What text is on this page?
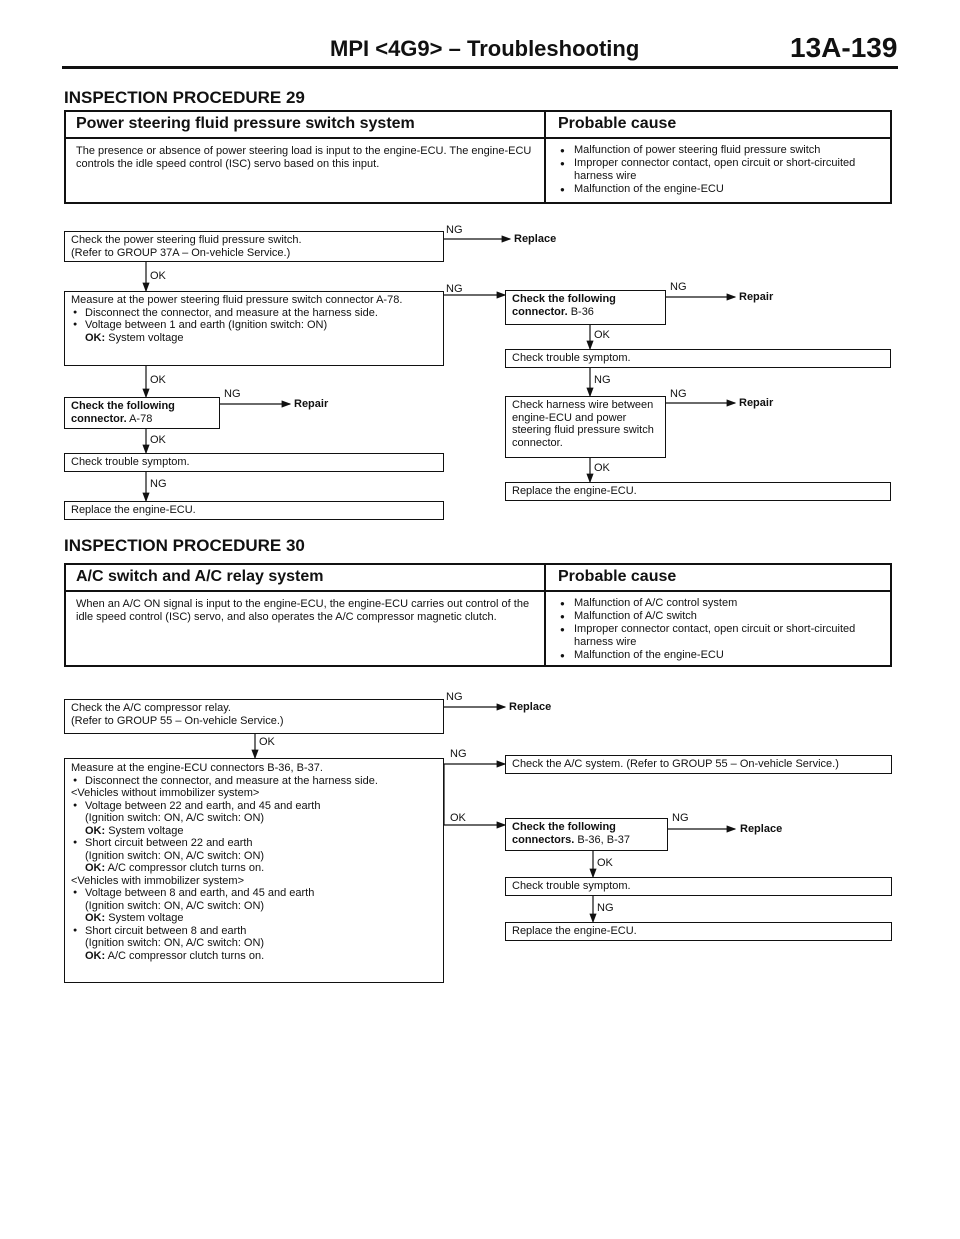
MPI <4G9> – Troubleshooting	13A-139
INSPECTION PROCEDURE 29
Power steering fluid pressure switch system	Probable cause
The presence or absence of power steering load is input to the engine-ECU. The engine-ECU controls the idle speed control (ISC) servo based on this input.
● Malfunction of power steering fluid pressure switch
● Improper connector contact, open circuit or short-circuited harness wire
● Malfunction of the engine-ECU
Check the power steering fluid pressure switch.
(Refer to GROUP 37A – On-vehicle Service.)
OK
NG
Replace
Measure at the power steering fluid pressure switch connector A-78.
● Disconnect the connector, and measure at the harness side.
● Voltage between 1 and earth (Ignition switch: ON)
OK: System voltage
NG
OK
Check the following connector. A-78
NG
Repair
OK
Check trouble symptom.
NG
Replace the engine-ECU.
Check the following connector. B-36
NG
Repair
OK
Check trouble symptom.
NG
Check harness wire between engine-ECU and power steering fluid pressure switch connector.
NG
Repair
OK
Replace the engine-ECU.
INSPECTION PROCEDURE 30
A/C switch and A/C relay system	Probable cause
When an A/C ON signal is input to the engine-ECU, the engine-ECU carries out control of the idle speed control (ISC) servo, and also operates the A/C compressor magnetic clutch.
● Malfunction of A/C control system
● Malfunction of A/C switch
● Improper connector contact, open circuit or short-circuited harness wire
● Malfunction of the engine-ECU
Check the A/C compressor relay.
(Refer to GROUP 55 – On-vehicle Service.)
NG
Replace
OK
Measure at the engine-ECU connectors B-36, B-37.
● Disconnect the connector, and measure at the harness side.
<Vehicles without immobilizer system>
● Voltage between 22 and earth, and 45 and earth
(Ignition switch: ON, A/C switch: ON)
OK: System voltage
● Short circuit between 22 and earth
(Ignition switch: ON, A/C switch: ON)
OK: A/C compressor clutch turns on.
<Vehicles with immobilizer system>
● Voltage between 8 and earth, and 45 and earth
(Ignition switch: ON, A/C switch: ON)
OK: System voltage
● Short circuit between 8 and earth
(Ignition switch: ON, A/C switch: ON)
OK: A/C compressor clutch turns on.
NG
OK
Check the A/C system. (Refer to GROUP 55 – On-vehicle Service.)
Check the following connectors. B-36, B-37
NG
Replace
OK
Check trouble symptom.
NG
Replace the engine-ECU.
